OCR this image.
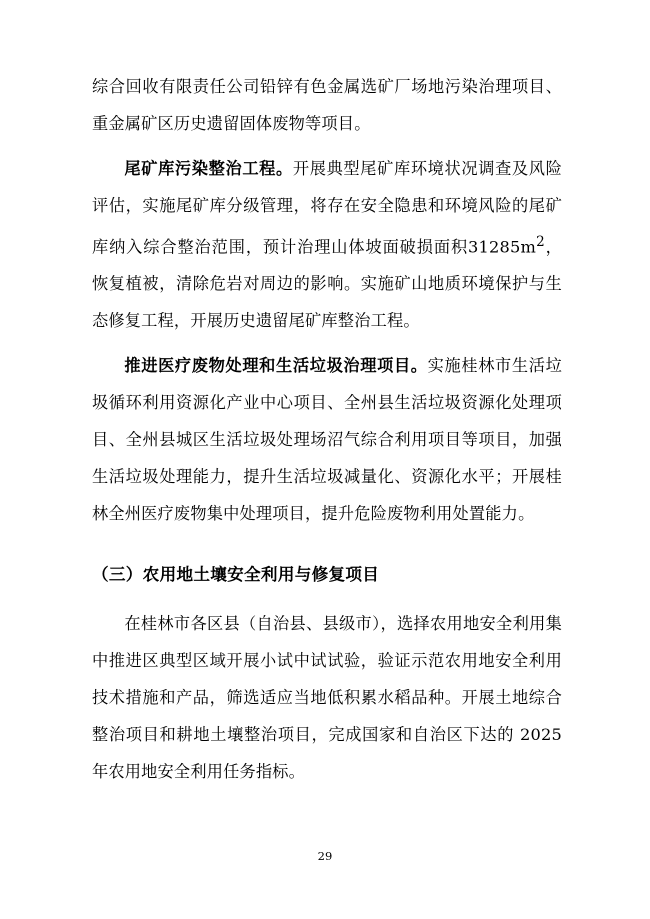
综合回收有限责任公司铅锌有色金属选矿厂场地污染治理项目、重金属矿区历史遗留固体废物等项目。

尾矿库污染整治工程。开展典型尾矿库环境状况调查及风险评估，实施尾矿库分级管理，将存在安全隐患和环境风险的尾矿库纳入综合整治范围，预计治理山体坡面破损面积$31285m^2$，恢复植被，清除危岩对周边的影响。实施矿山地质环境保护与生态修复工程，开展历史遗留尾矿库整治工程。

推进医疗废物处理和生活垃圾治理项目。实施桂林市生活垃圾循环利用资源化产业中心项目、全州县生活垃圾资源化处理项目、全州县城区生活垃圾处理场沼气综合利用项目等项目，加强生活垃圾处理能力，提升生活垃圾减量化、资源化水平；开展桂林全州医疗废物集中处理项目，提升危险废物利用处置能力。

（三）农用地土壤安全利用与修复项目

在桂林市各区县（自治县、县级市），选择农用地安全利用集中推进区典型区域开展小试中试试验，验证示范农用地安全利用技术措施和产品，筛选适应当地低积累水稻品种。开展土地综合整治项目和耕地土壤整治项目，完成国家和自治区下达的 2025 年农用地安全利用任务指标。

29
